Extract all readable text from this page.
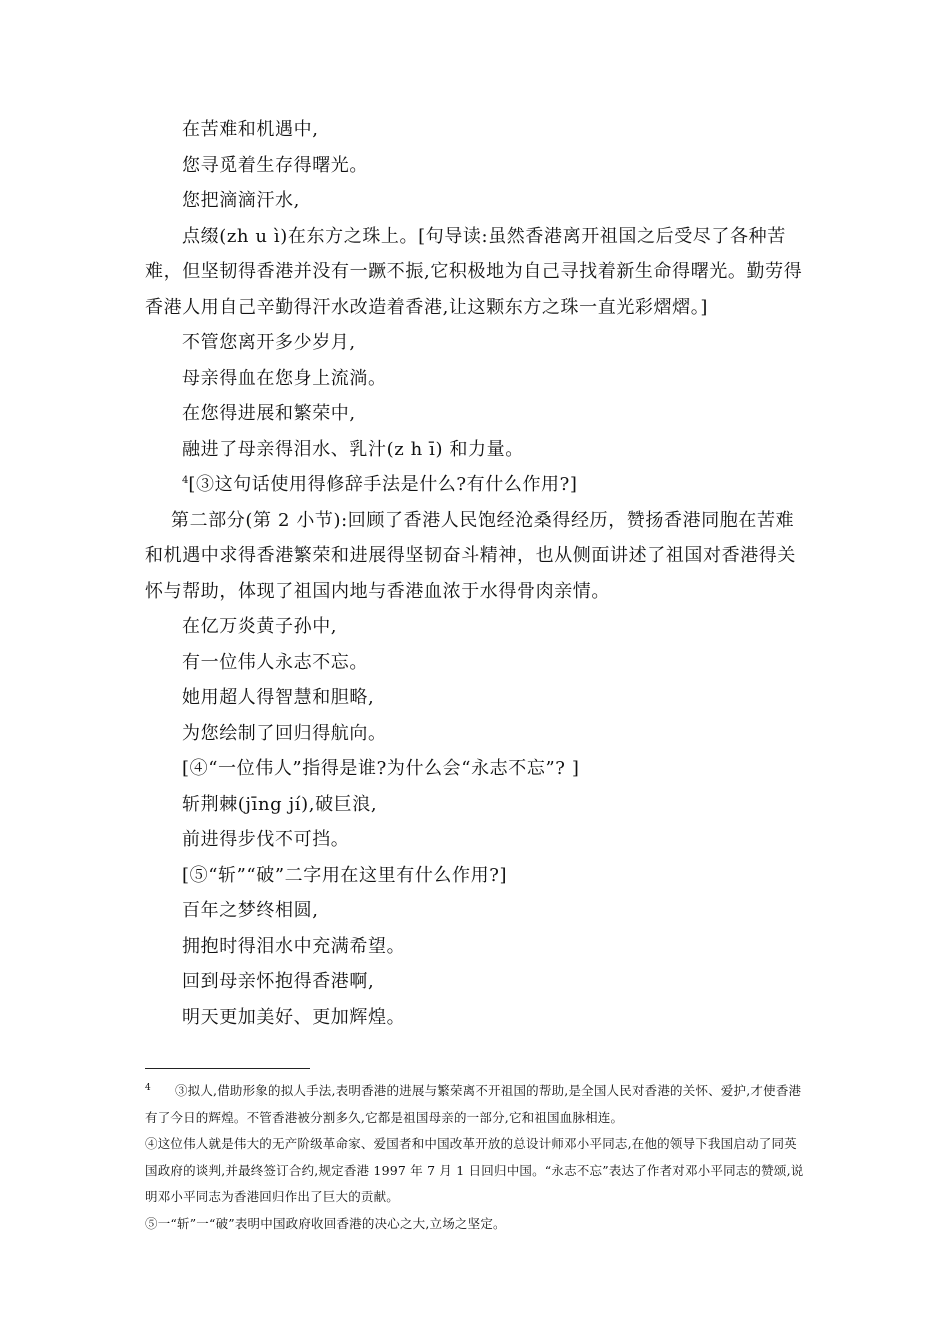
在苦难和机遇中,

您寻觅着生存得曙光。

您把滴滴汗水,

点缀(zh u ì)在东方之珠上。[句导读:虽然香港离开祖国之后受尽了各种苦难，但坚韧得香港并没有一蹶不振,它积极地为自己寻找着新生命得曙光。勤劳得香港人用自己辛勤得汗水改造着香港,让这颗东方之珠一直光彩熠熠。]

不管您离开多少岁月,

母亲得血在您身上流淌。

在您得进展和繁荣中,

融进了母亲得泪水、乳汁(z h ī) 和力量。

$^4$[③这句话使用得修辞手法是什么?有什么作用?]

第二部分(第 2 小节):回顾了香港人民饱经沧桑得经历，赞扬香港同胞在苦难和机遇中求得香港繁荣和进展得坚韧奋斗精神，也从侧面讲述了祖国对香港得关怀与帮助，体现了祖国内地与香港血浓于水得骨肉亲情。

在亿万炎黄子孙中,

有一位伟人永志不忘。

她用超人得智慧和胆略,

为您绘制了回归得航向。

[④“一位伟人”指得是谁?为什么会“永志不忘”? ]

斩荆棘(jīng jí),破巨浪,

前进得步伐不可挡。

[⑤“斩”“破”二字用在这里有什么作用?]

百年之梦终相圆,

拥抱时得泪水中充满希望。

回到母亲怀抱得香港啊,

明天更加美好、更加辉煌。

$^4$ ③拟人,借助形象的拟人手法,表明香港的进展与繁荣离不开祖国的帮助,是全国人民对香港的关怀、爱护,才使香港有了今日的辉煌。不管香港被分割多久,它都是祖国母亲的一部分,它和祖国血脉相连。

④这位伟人就是伟大的无产阶级革命家、爱国者和中国改革开放的总设计师邓小平同志,在他的领导下我国启动了同英国政府的谈判,并最终签订合约,规定香港 1997 年 7 月 1 日回归中国。“永志不忘”表达了作者对邓小平同志的赞颂,说明邓小平同志为香港回归作出了巨大的贡献。

⑤一“斩”一“破”表明中国政府收回香港的决心之大,立场之坚定。
